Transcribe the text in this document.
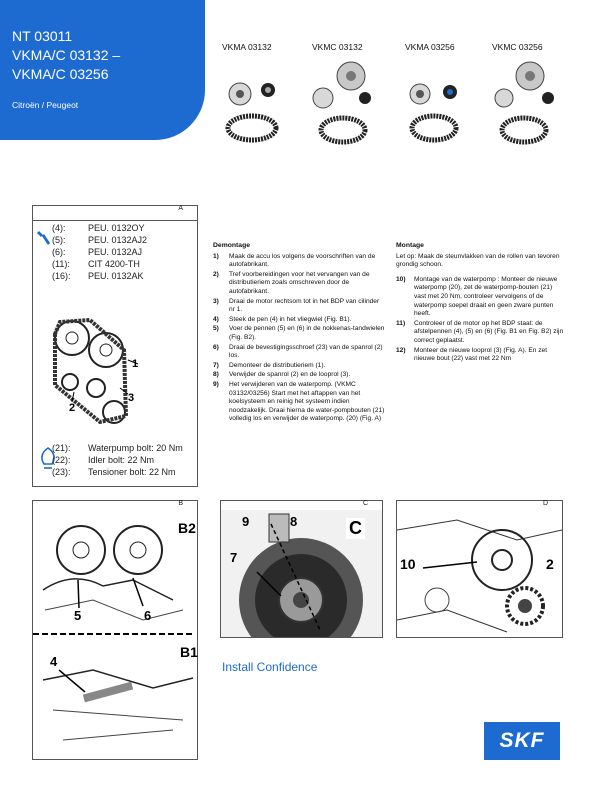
NT 03011
VKMA/C 03132 –
VKMA/C 03256
Citroën / Peugeot
VKMA 03132	VKMC 03132	VKMA 03256	VKMC 03256
A
(4):	PEU. 0132OY
(5):	PEU. 0132AJ2
(6):	PEU. 0132AJ
(11): CIT 4200-TH
(16): PEU. 0132AK
1
2
3
(21): Waterpump bolt: 20 Nm
(22): Idler bolt: 22 Nm
(23): Tensioner bolt: 22 Nm
Demontage
1) Maak de accu los volgens de voorschriften van de autofabrikant.
2) Tref voorbereidingen voor het vervangen van de distributieriem zoals omschreven door de autofabrikant.
3) Draai de motor rechtsom tot in het BDP van cilinder nr 1.
4) Steek de pen (4) in het vliegwiel (Fig. B1).
5) Voer de pennen (5) en (6) in de nokkenas-tandwielen (Fig. B2).
6) Draai de bevestigingsschroef (23) van de spanrol (2) los.
7) Demonteer de distributieriem (1).
8) Verwijder de spanrol (2) en de looprol (3).
9) Het verwijderen van de waterpomp. (VKMC 03132/03256) Start met het aftappen van het koelsysteem en reinig het systeem indien noodzakelijk. Draai hierna de water-pompbouten (21) volledig los en verwijder de waterpomp. (20) (Fig. A)
Montage
Let op: Maak de steunvlakken van de rollen van tevoren grondig schoon.
10) Montage van de waterpomp : Monteer de nieuwe waterpomp (20), zet de waterpomp-bouten (21) vast met 20 Nm, controleer vervolgens of de waterpomp soepel draait en geen zware punten heeft.
11) Controleer of de motor op het BDP staat: de afstelpennen (4), (5) en (6) (Fig. B1 en Fig. B2) zijn correct geplaatst.
12) Monteer de nieuwe looprol (3) (Fig. A). En zet nieuwe bout (22) vast met 22 Nm
B
B2
5	6
B1
4
C
9	8	C
7
D
10	2
Install Confidence
SKF
